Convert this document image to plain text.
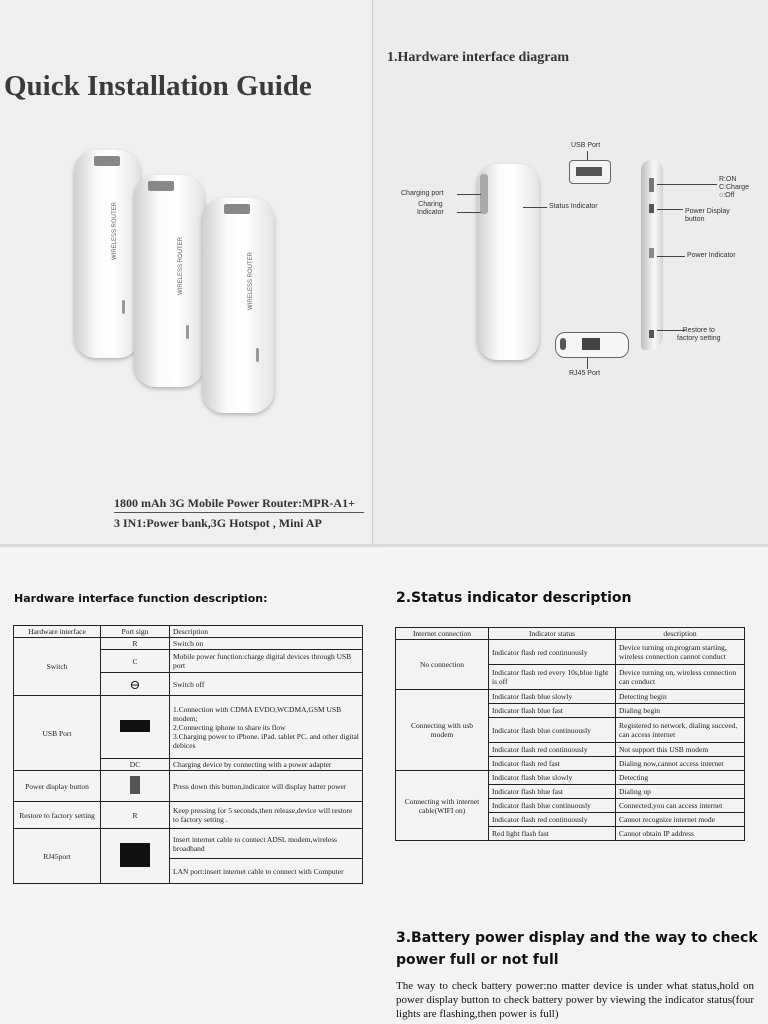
Quick Installation Guide
WIRELESS ROUTER
WIRELESS ROUTER	WIRELESS ROUTER
1800 mAh 3G Mobile Power Router:MPR-A1+
3 IN1:Power bank,3G Hotspot , Mini AP
1.Hardware interface diagram
USB Port
Charging port
Charing
Indicator
Status Indicator
R:ON
C:Charge
○:Off
Power Display
button
Power Indicator
Restore to
factory setting
RJ45 Port
Hardware interface function description:
Hardware interface	Port sign	Description
Switch	R	Switch on
	C	Mobile power function:charge digital devices through USB port
	⊖	Switch off
USB Port		1.Connection with CDMA EVDO,WCDMA,GSM USB modem;
2.Connecting iphone to share its flow
3.Charging power to iPhone. iPad. tablet PC. and other digital debices
	DC	Charging device by connecting with a power adapter
Power display button		Press down this button,indicator will display batter power
Restore to factory setting	R	Keep pressing for 5 seconds,then release,device will restore to factory setting .
RJ45port		Insert internet cable to connect ADSL modem,wireless broadband
		LAN port:insert internet cable to connect with Computer
2.Status indicator description
Internet connection	Indicator status	description
No connection	Indicator flash red continuously	Device turning on,program starting, wireless connection cannot conduct
	Indicator flash red every 10s,blue light is off	Device turning on, wireless connection can conduct
Connecting with usb modem	Indicator flash blue slowly	Detecting begin
	Indicator flash blue fast	Dialing begin
	Indicator flash blue continuously	Registered to network, dialing succeed, can access internet
	Indicator flash red continuously	Not support this USB modem
	Indicator flash red fast	Dialing now,cannot access internet
Connecting with internet cable(WIFI on)	Indicator flash blue slowly	Detecting
	Indicator flash blue fast	Dialing up
	Indicator flash blue continuously	Connected,you can access internet
	Indicator flash red continuously	Cannot recognize internet mode
	Red light flash fast	Cannot obtain IP address
3.Battery power display and the way to check power full or not full
The way to check battery power:no matter device is under what status,hold on power display button to check battery power by viewing the indicator status(four lights are flashing,then power is full)
